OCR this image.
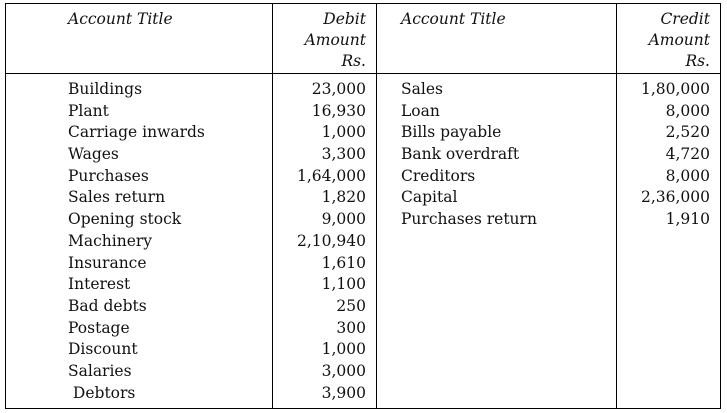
Account Title	Debit
Amount
Rs.
Account Title	Credit
Amount
Rs.
Buildings
Plant
Carriage inwards
Wages
Purchases
Sales return
Opening stock
Machinery
Insurance
Interest
Bad debts
Postage
Discount
Salaries
Debtors
23,000
16,930
1,000
3,300
1,64,000
1,820
9,000
2,10,940
1,610
1,100
250
300
1,000
3,000
3,900
Sales
Loan
Bills payable
Bank overdraft
Creditors
Capital
Purchases return
1,80,000
8,000
2,520
4,720
8,000
2,36,000
1,910
